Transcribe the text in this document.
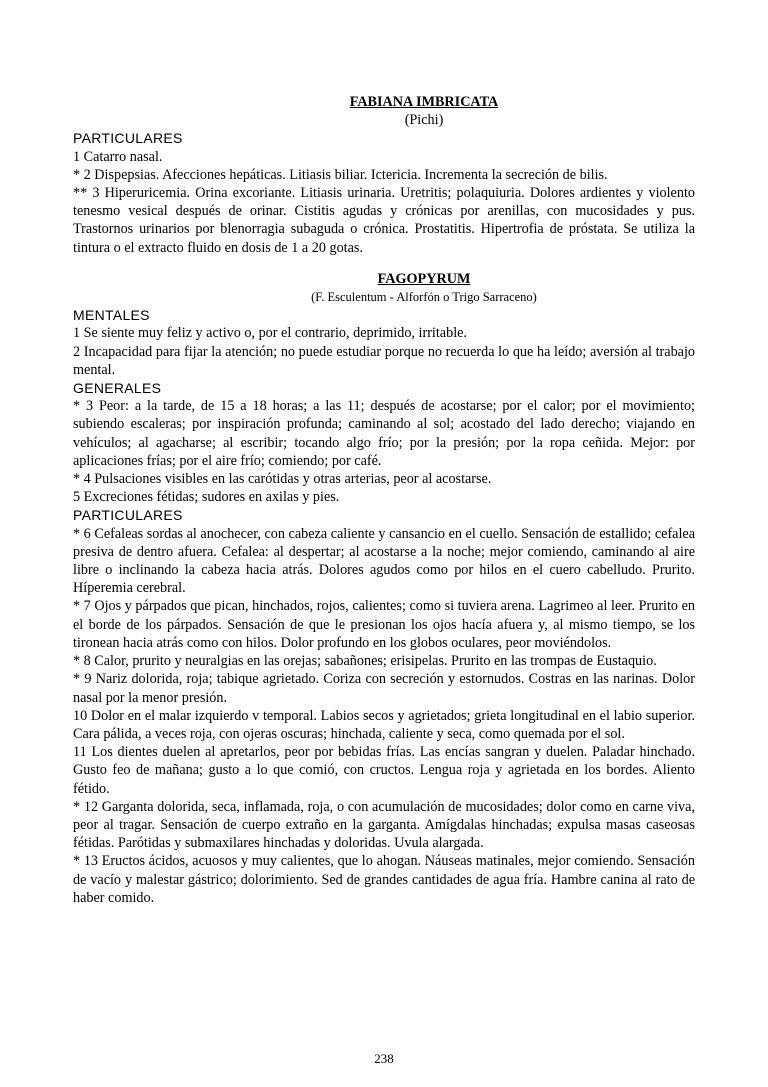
FABIANA IMBRICATA
(Pichi)
PARTICULARES

1 Catarro nasal.

* 2 Dispepsias. Afecciones hepáticas. Litiasis biliar. Ictericia. Incrementa la secreción de bilis.

** 3 Hiperuricemia. Orina excoriante. Litiasis urinaria. Uretritis; polaquiuria. Dolores ardientes y violento tenesmo vesical después de orinar. Cistitis agudas y crónicas por arenillas, con mucosidades y pus. Trastornos urinarios por blenorragia subaguda o crónica. Prostatitis. Hipertrofia de próstata. Se utiliza la tintura o el extracto fluido en dosis de 1 a 20 gotas.

FAGOPYRUM
(F. Esculentum - Alforfón o Trigo Sarraceno)
MENTALES

1 Se siente muy feliz y activo o, por el contrario, deprimido, irritable.

2 Incapacidad para fijar la atención; no puede estudiar porque no recuerda lo que ha leído; aversión al trabajo mental.

GENERALES

* 3 Peor: a la tarde, de 15 a 18 horas; a las 11; después de acostarse; por el calor; por el movimiento; subiendo escaleras; por inspiración profunda; caminando al sol; acostado del lado derecho; viajando en vehículos; al agacharse; al escribir; tocando algo frío; por la presión; por la ropa ceñida. Mejor: por aplicaciones frías; por el aire frío; comiendo; por café.

* 4 Pulsaciones visibles en las carótidas y otras arterias, peor al acostarse.

5 Excreciones fétidas; sudores en axilas y pies.

PARTICULARES

* 6 Cefaleas sordas al anochecer, con cabeza caliente y cansancio en el cuello. Sensación de estallido; cefalea presiva de dentro afuera. Cefalea: al despertar; al acostarse a la noche; mejor comiendo, caminando al aire libre o inclinando la cabeza hacia atrás. Dolores agudos como por hilos en el cuero cabelludo. Prurito. Híperemia cerebral.

* 7 Ojos y párpados que pican, hinchados, rojos, calientes; como si tuviera arena. Lagrimeo al leer. Prurito en el borde de los párpados. Sensación de que le presionan los ojos hacía afuera y, al mismo tiempo, se los tironean hacia atrás como con hilos. Dolor profundo en los globos oculares, peor moviéndolos.

* 8 Calor, prurito y neuralgias en las orejas; sabañones; erisipelas. Prurito en las trompas de Eustaquio.

* 9 Nariz dolorida, roja; tabique agrietado. Coriza con secreción y estornudos. Costras en las narinas. Dolor nasal por la menor presión.

10 Dolor en el malar izquierdo v temporal. Labios secos y agrietados; grieta longitudinal en el labio superior. Cara pálida, a veces roja, con ojeras oscuras; hinchada, caliente y seca, como quemada por el sol.

11 Los dientes duelen al apretarlos, peor por bebidas frías. Las encías sangran y duelen. Paladar hinchado. Gusto feo de mañana; gusto a lo que comió, con cructos. Lengua roja y agrietada en los bordes. Aliento fétido.

* 12 Garganta dolorida, seca, inflamada, roja, o con acumulación de mucosidades; dolor como en carne viva, peor al tragar. Sensación de cuerpo extraño en la garganta. Amígdalas hinchadas; expulsa masas caseosas fétidas. Parótidas y submaxilares hinchadas y doloridas. Uvula alargada.

* 13 Eructos ácidos, acuosos y muy calientes, que lo ahogan. Náuseas matinales, mejor comiendo. Sensación de vacío y malestar gástrico; dolorimiento. Sed de grandes cantidades de agua fría. Hambre canina al rato de haber comido.

238
